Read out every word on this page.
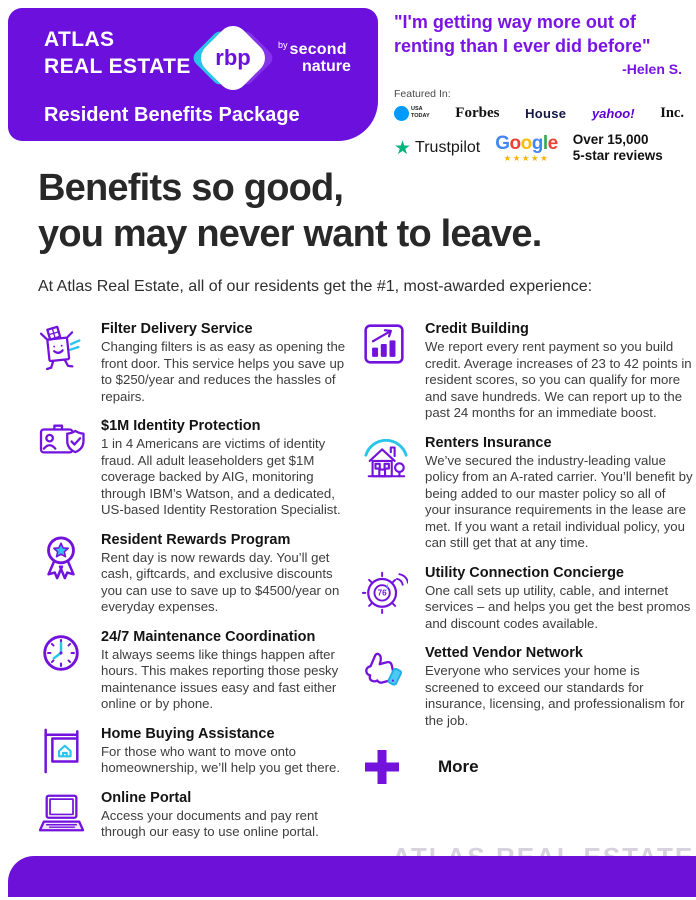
ATLAS
REAL ESTATE	rbp	$^{by}$ second
nature
Resident Benefits Package
"I'm getting way more out of renting than I ever did before"
-Helen S.
Featured In:
USA
TODAY Forbes House yahoo! Inc.
★ Trustpilot Google
★★★★★
Over 15,000
5-star reviews
Benefits so good,
you may never want to leave.
At Atlas Real Estate, all of our residents get the #1, most-awarded experience:
Filter Delivery Service

Changing filters is as easy as opening the front door. This service helps you save up to $250/year and reduces the hassles of repairs.

$1M Identity Protection

1 in 4 Americans are victims of identity fraud. All adult leaseholders get $1M coverage backed by AIG, monitoring through IBM’s Watson, and a dedicated, US-based Identity Restoration Specialist.

Resident Rewards Program

Rent day is now rewards day. You’ll get cash, giftcards, and exclusive discounts you can use to save up to $4500/year on everyday expenses.

24/7 Maintenance Coordination

It always seems like things happen after hours. This makes reporting those pesky maintenance issues easy and fast either online or by phone.

Home Buying Assistance

For those who want to move onto homeownership, we’ll help you get there.

Online Portal

Access your documents and pay rent through our easy to use online portal.

Credit Building

We report every rent payment so you build credit. Average increases of 23 to 42 points in resident scores, so you can qualify for more and save hundreds. We can report up to the past 24 months for an immediate boost.

Renters Insurance

We’ve secured the industry-leading value policy from an A-rated carrier. You’ll benefit by being added to our master policy so all of your insurance requirements in the lease are met. If you want a retail individual policy, you can still get that at any time.

76
Utility Connection Concierge

One call sets up utility, cable, and internet services – and helps you get the best promos and discount codes available.

Vetted Vendor Network

Everyone who services your home is screened to exceed our standards for insurance, licensing, and professionalism for the job.

More
